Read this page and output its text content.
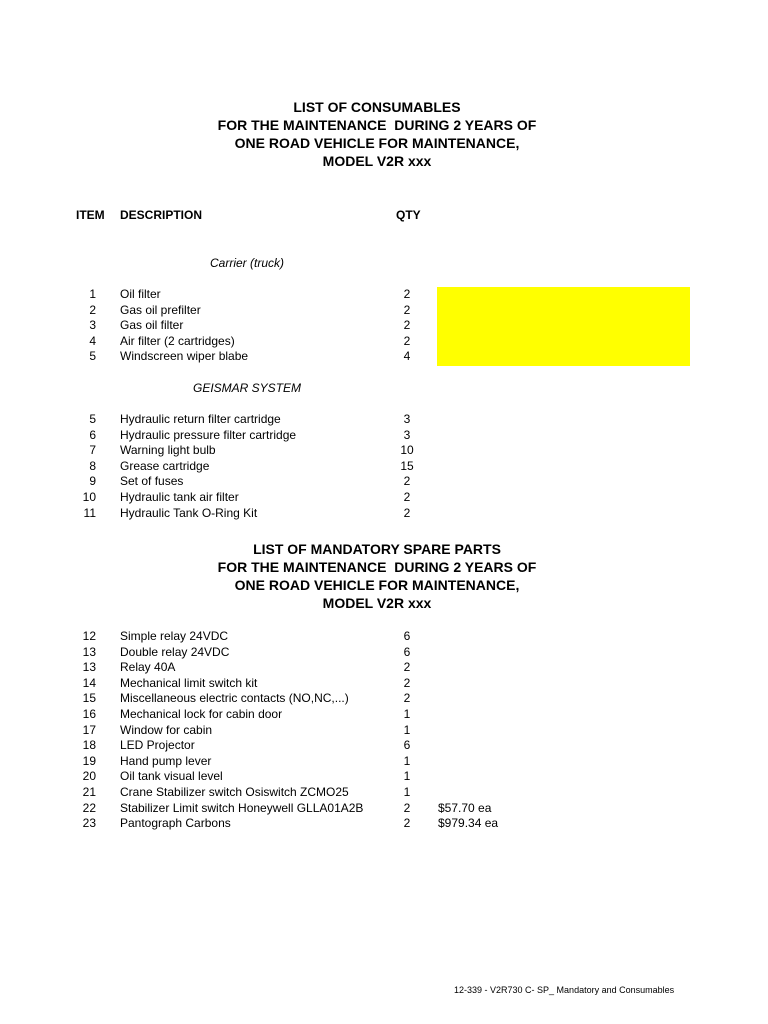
LIST OF CONSUMABLES
FOR THE MAINTENANCE  DURING 2 YEARS OF
ONE ROAD VEHICLE FOR MAINTENANCE,
MODEL V2R xxx
ITEM DESCRIPTION	QTY
Carrier (truck)
1 Oil filter	2
2 Gas oil prefilter	2
3 Gas oil filter	2
4 Air filter (2 cartridges)	2
5 Windscreen wiper blabe	4
GEISMAR SYSTEM
5 Hydraulic return filter cartridge	3
6 Hydraulic pressure filter cartridge	3
7 Warning light bulb	10
8 Grease cartridge	15
9 Set of fuses	2
10 Hydraulic tank air filter	2
11 Hydraulic Tank O-Ring Kit	2
LIST OF MANDATORY SPARE PARTS
FOR THE MAINTENANCE  DURING 2 YEARS OF
ONE ROAD VEHICLE FOR MAINTENANCE,
MODEL V2R xxx
12 Simple relay 24VDC	6
13 Double relay 24VDC	6
13 Relay 40A	2
14 Mechanical limit switch kit	2
15 Miscellaneous electric contacts (NO,NC,...)	2
16 Mechanical lock for cabin door	1
17 Window for cabin	1
18 LED Projector	6
19 Hand pump lever	1
20 Oil tank visual level	1
21 Crane Stabilizer switch Osiswitch ZCMO25	1
22 Stabilizer Limit switch Honeywell GLLA01A2B	2	$57.70 ea
23 Pantograph Carbons	2	$979.34 ea
12-339 - V2R730 C- SP_ Mandatory and Consumables
